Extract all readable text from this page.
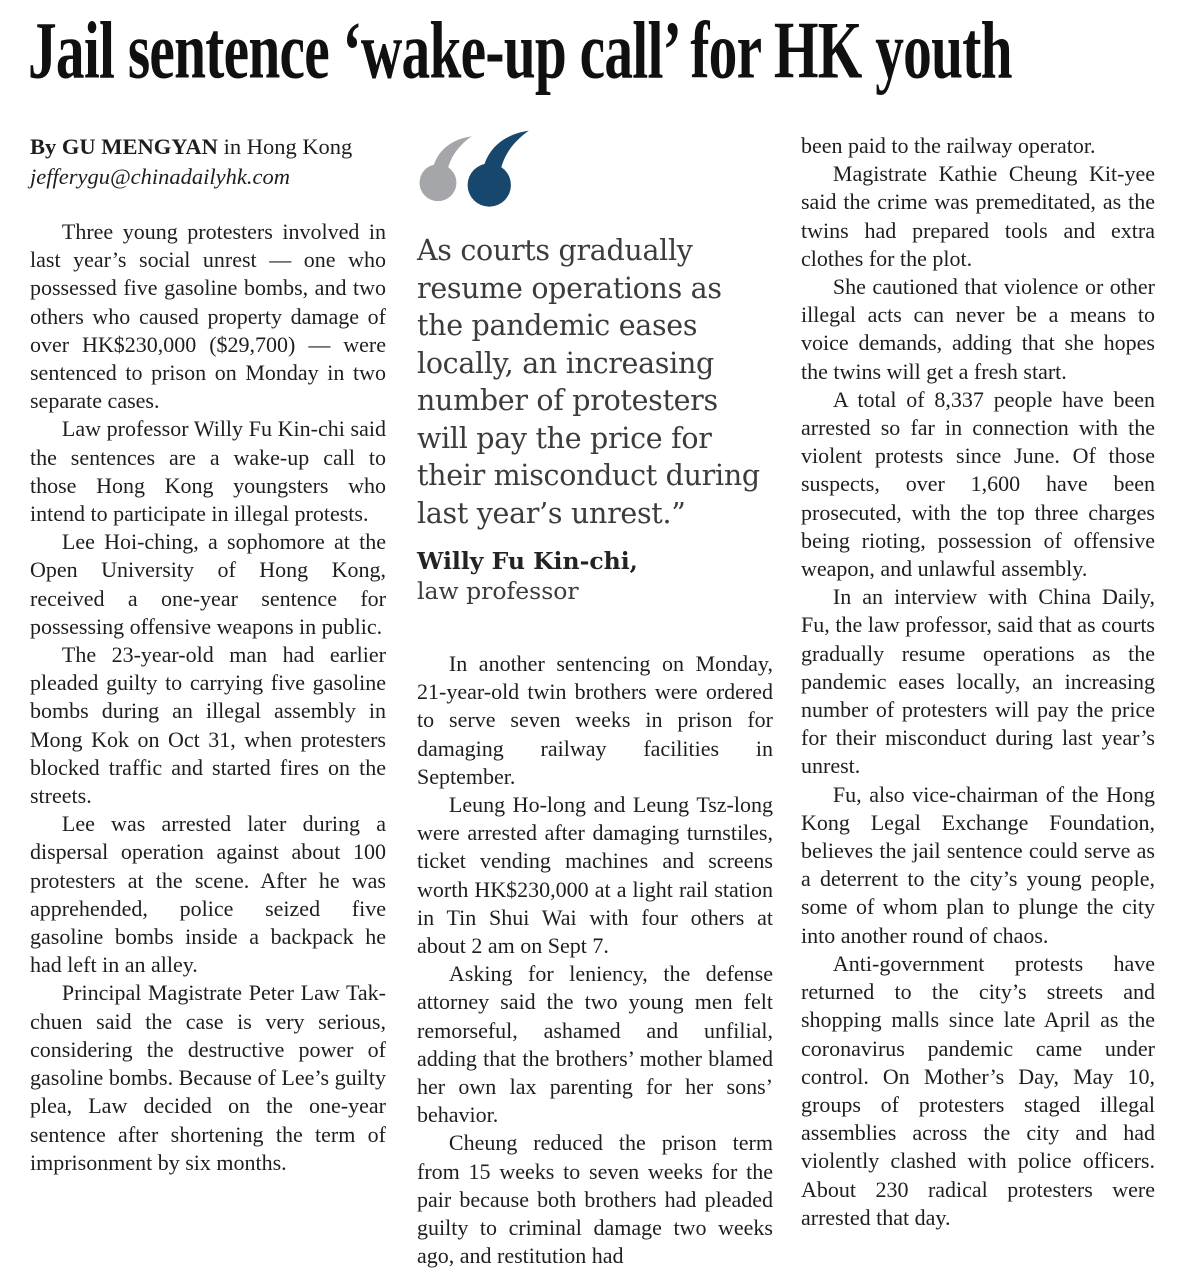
Jail sentence ‘wake-up call’ for HK youth

By GU MENGYAN in Hong Kong

jefferygu@chinadailyhk.com

Three young protesters involved in last year’s social unrest — one who possessed five gasoline bombs, and two others who caused property damage of over HK$230,000 ($29,700) — were sentenced to prison on Monday in two separate cases.

Law professor Willy Fu Kin-chi said the sentences are a wake-up call to those Hong Kong youngsters who intend to participate in illegal protests.

Lee Hoi-ching, a sophomore at the Open University of Hong Kong, received a one-year sentence for possessing offensive weapons in public.

The 23-year-old man had earlier pleaded guilty to carrying five gasoline bombs during an illegal assembly in Mong Kok on Oct 31, when protesters blocked traffic and started fires on the streets.

Lee was arrested later during a dispersal operation against about 100 protesters at the scene. After he was apprehended, police seized five gasoline bombs inside a backpack he had left in an alley.

Principal Magistrate Peter Law Tak-chuen said the case is very serious, considering the destructive power of gasoline bombs. Because of Lee’s guilty plea, Law decided on the one-year sentence after shortening the term of imprisonment by six months.

As courts gradually resume operations as the pandemic eases locally, an increasing number of protesters will pay the price for their misconduct during last year’s unrest.”

Willy Fu Kin-chi,

law professor

In another sentencing on Monday, 21-year-old twin brothers were ordered to serve seven weeks in prison for damaging railway facilities in September.

Leung Ho-long and Leung Tsz-long were arrested after damaging turnstiles, ticket vending machines and screens worth HK$230,000 at a light rail station in Tin Shui Wai with four others at about 2 am on Sept 7.

Asking for leniency, the defense attorney said the two young men felt remorseful, ashamed and unfilial, adding that the brothers’ mother blamed her own lax parenting for her sons’ behavior.

Cheung reduced the prison term from 15 weeks to seven weeks for the pair because both brothers had pleaded guilty to criminal damage two weeks ago, and restitution had

been paid to the railway operator.

Magistrate Kathie Cheung Kit-yee said the crime was premeditated, as the twins had prepared tools and extra clothes for the plot.

She cautioned that violence or other illegal acts can never be a means to voice demands, adding that she hopes the twins will get a fresh start.

A total of 8,337 people have been arrested so far in connection with the violent protests since June. Of those suspects, over 1,600 have been prosecuted, with the top three charges being rioting, possession of offensive weapon, and unlawful assembly.

In an interview with China Daily, Fu, the law professor, said that as courts gradually resume operations as the pandemic eases locally, an increasing number of protesters will pay the price for their misconduct during last year’s unrest.

Fu, also vice-chairman of the Hong Kong Legal Exchange Foundation, believes the jail sentence could serve as a deterrent to the city’s young people, some of whom plan to plunge the city into another round of chaos.

Anti-government protests have returned to the city’s streets and shopping malls since late April as the coronavirus pandemic came under control. On Mother’s Day, May 10, groups of protesters staged illegal assemblies across the city and had violently clashed with police officers. About 230 radical protesters were arrested that day.
